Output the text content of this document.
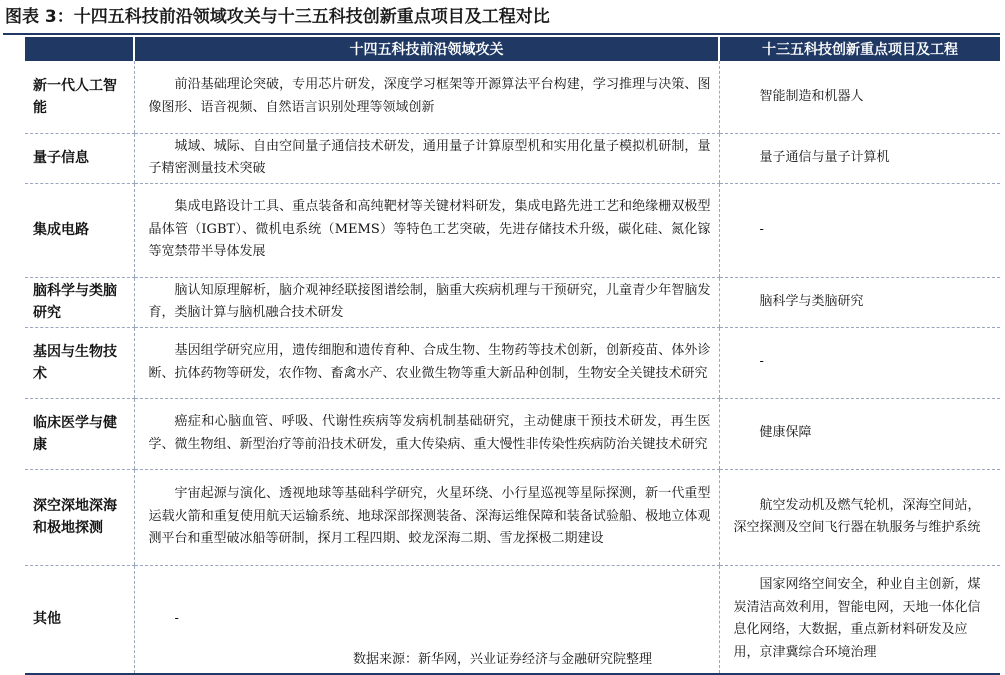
图表 3：十四五科技前沿领域攻关与十三五科技创新重点项目及工程对比
	十四五科技前沿领域攻关	十三五科技创新重点项目及工程
新一代人工智能	前沿基础理论突破，专用芯片研发，深度学习框架等开源算法平台构建，学习推理与决策、图像图形、语音视频、自然语言识别处理等领域创新	智能制造和机器人
量子信息	城域、城际、自由空间量子通信技术研发，通用量子计算原型机和实用化量子模拟机研制，量子精密测量技术突破	量子通信与量子计算机
集成电路	集成电路设计工具、重点装备和高纯靶材等关键材料研发，集成电路先进工艺和绝缘栅双极型晶体管（IGBT）、微机电系统（MEMS）等特色工艺突破，先进存储技术升级，碳化硅、氮化镓等宽禁带半导体发展	-
脑科学与类脑研究	脑认知原理解析，脑介观神经联接图谱绘制，脑重大疾病机理与干预研究，儿童青少年智脑发育，类脑计算与脑机融合技术研发	脑科学与类脑研究
基因与生物技术	基因组学研究应用，遗传细胞和遗传育种、合成生物、生物药等技术创新，创新疫苗、体外诊断、抗体药物等研发，农作物、畜禽水产、农业微生物等重大新品种创制，生物安全关键技术研究	-
临床医学与健康	癌症和心脑血管、呼吸、代谢性疾病等发病机制基础研究，主动健康干预技术研发，再生医学、微生物组、新型治疗等前沿技术研发，重大传染病、重大慢性非传染性疾病防治关键技术研究	健康保障
深空深地深海和极地探测	宇宙起源与演化、透视地球等基础科学研究，火星环绕、小行星巡视等星际探测，新一代重型运载火箭和重复使用航天运输系统、地球深部探测装备、深海运维保障和装备试验船、极地立体观测平台和重型破冰船等研制，探月工程四期、蛟龙深海二期、雪龙探极二期建设	航空发动机及燃气轮机，深海空间站，深空探测及空间飞行器在轨服务与维护系统
其他	-	国家网络空间安全，种业自主创新，煤炭清洁高效利用，智能电网，天地一体化信息化网络，大数据，重点新材料研发及应用，京津冀综合环境治理
数据来源：新华网，兴业证券经济与金融研究院整理
